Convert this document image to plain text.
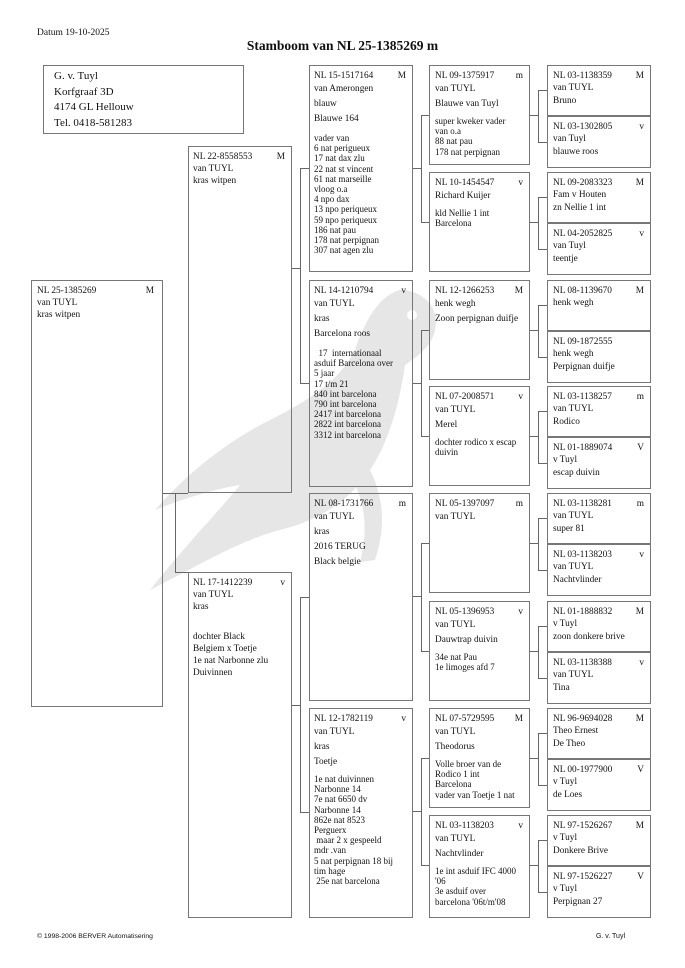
Datum 19-10-2025
Stamboom van NL 25-1385269 m
G. v. Tuyl
Korfgraaf 3D
4174 GL Hellouw
Tel. 0418-581283
NL 25-1385269	M
van TUYL
kras witpen
NL 22-8558553	M
van TUYL
kras witpen
NL 17-1412239	v
van TUYL
kras
dochter Black
Belgiem x Toetje
1e nat Narbonne zlu
Duivinnen
NL 15-1517164	M
van Amerongen
blauw
Blauwe 164
vader van
6 nat perigueux
17 nat dax zlu
22 nat st vincent
61 nat marseille
vloog o.a
4 npo dax
13 npo periqueux
59 npo periqueux
186 nat pau
178 nat perpignan
307 nat agen zlu
NL 14-1210794	v
van TUYL
kras
Barcelona roos
17  internationaal
asduif Barcelona over
5 jaar
17 t/m 21
840 int barcelona
790 int barcelona
2417 int barcelona
2822 int barcelona
3312 int barcelona
NL 08-1731766	m
van TUYL
kras
2016 TERUG
Black belgie
NL 12-1782119	v
van TUYL
kras
Toetje
1e nat duivinnen
Narbonne 14
7e nat 6650 dv
Narbonne 14
862e nat 8523
Perguerx
maar 2 x gespeeld
mdr .van
5 nat perpignan 18 bij
tim hage
25e nat barcelona
NL 09-1375917 m
van TUYL
Blauwe van Tuyl
super kweker vader
van o.a
88 nat pau
178 nat perpignan
NL 10-1454547	v
Richard Kuijer
kld Nellie 1 int
Barcelona
NL 12-1266253 M
henk wegh
Zoon perpignan duifje
NL 07-2008571	v
van TUYL
Merel
dochter rodico x escap
duivin
NL 05-1397097 m
van TUYL
NL 05-1396953	v
van TUYL
Dauwtrap duivin
34e nat Pau
1e limoges afd 7
NL 07-5729595 M
van TUYL
Theodorus
Volle broer van de
Rodico 1 int
Barcelona
vader van Toetje 1 nat
NL 03-1138203	v
van TUYL
Nachtvlinder
1e int asduif IFC 4000
'06
3e asduif over
barcelona '06t/m'08
NL 03-1138359	M
van TUYL
Bruno
NL 03-1302805	v
van Tuyl
blauwe roos
NL 09-2083323	M
Fam v Houten
zn Nellie 1 int
NL 04-2052825	v
van Tuyl
teentje
NL 08-1139670	M
henk wegh
NL 09-1872555
henk wegh
Perpignan duifje
NL 03-1138257	m
van TUYL
Rodico
NL 01-1889074	V
v Tuyl
escap duivin
NL 03-1138281	m
van TUYL
super 81
NL 03-1138203	v
van TUYL
Nachtvlinder
NL 01-1888832	M
v Tuyl
zoon donkere brive
NL 03-1138388	v
van TUYL
Tina
NL 96-9694028	M
Theo Ernest
De Theo
NL 00-1977900	V
v Tuyl
de Loes
NL 97-1526267	M
v Tuyl
Donkere Brive
NL 97-1526227	V
v Tuyl
Perpignan 27
© 1998-2006 BERVER Automatisering	G. v. Tuyl
